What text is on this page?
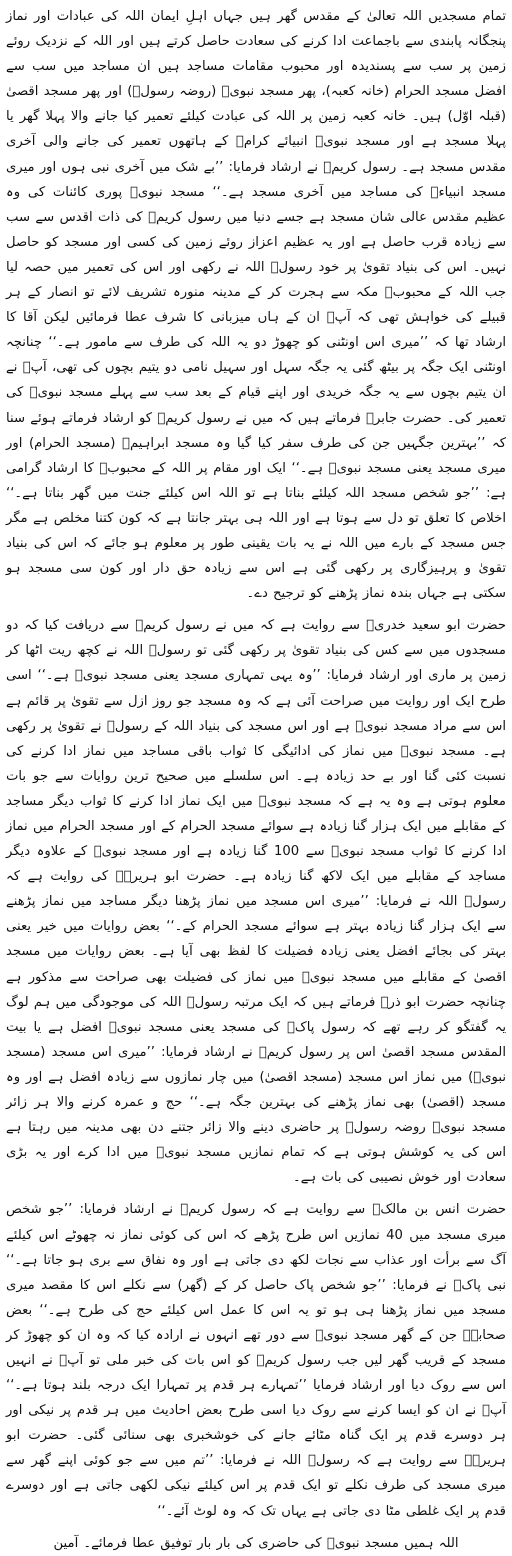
تمام مسجدیں اللہ تعالیٰ کے مقدس گھر ہیں جہاں اہلِ ایمان اللہ کی عبادات اور نماز پنجگانہ پابندی سے باجماعت ادا کرنے کی سعادت حاصل کرتے ہیں اور اللہ کے نزدیک روئے زمین پر سب سے پسندیدہ اور محبوب مقامات مساجد ہیں ان مساجد میں سب سے افضل مسجد الحرام (خانہ کعبہ)، پھر مسجد نبویؐ (روضہ رسولؐ) اور پھر مسجد اقصیٰ (قبلہ اوّل) ہیں۔ خانہ کعبہ زمین پر اللہ کی عبادت کیلئے تعمیر کیا جانے والا پہلا گھر یا پہلا مسجد ہے اور مسجد نبویؐ انبیائے کرامؑ کے ہاتھوں تعمیر کی جانے والی آخری مقدس مسجد ہے۔ رسول کریمؐ نے ارشاد فرمایا: ’’بے شک میں آخری نبی ہوں اور میری مسجد انبیاءؑ کی مساجد میں آخری مسجد ہے۔‘‘ مسجد نبویؐ پوری کائنات کی وہ عظیم مقدس عالی شان مسجد ہے جسے دنیا میں رسول کریمؐ کی ذات اقدس سے سب سے زیادہ قرب حاصل ہے اور یہ عظیم اعزاز روئے زمین کی کسی اور مسجد کو حاصل نہیں۔ اس کی بنیاد تقویٰ پر خود رسولؐ اللہ نے رکھی اور اس کی تعمیر میں حصہ لیا جب اللہ کے محبوبؐ مکہ سے ہجرت کر کے مدینہ منورہ تشریف لائے تو انصار کے ہر قبیلے کی خواہش تھی کہ آپؐ ان کے ہاں میزبانی کا شرف عطا فرمائیں لیکن آقا کا ارشاد تھا کہ ’’میری اس اونٹنی کو چھوڑ دو یہ اللہ کی طرف سے مامور ہے۔‘‘ چنانچہ اونٹنی ایک جگہ پر بیٹھ گئی یہ جگہ سہل اور سہیل نامی دو یتیم بچوں کی تھی، آپؐ نے ان یتیم بچوں سے یہ جگہ خریدی اور اپنے قیام کے بعد سب سے پہلے مسجد نبویؐ کی تعمیر کی۔ حضرت جابرؓ فرماتے ہیں کہ میں نے رسول کریمؐ کو ارشاد فرماتے ہوئے سنا کہ ’’بہترین جگہیں جن کی طرف سفر کیا گیا وہ مسجد ابراہیمؑ (مسجد الحرام) اور میری مسجد یعنی مسجد نبویؐ ہے۔‘‘ ایک اور مقام پر اللہ کے محبوبؐ کا ارشاد گرامی ہے: ’’جو شخص مسجد اللہ کیلئے بناتا ہے تو اللہ اس کیلئے جنت میں گھر بناتا ہے۔‘‘ اخلاص کا تعلق تو دل سے ہوتا ہے اور اللہ ہی بہتر جانتا ہے کہ کون کتنا مخلص ہے مگر جس مسجد کے بارے میں اللہ نے یہ بات یقینی طور پر معلوم ہو جائے کہ اس کی بنیاد تقویٰ و پرہیزگاری پر رکھی گئی ہے اس سے زیادہ حق دار اور کون سی مسجد ہو سکتی ہے جہاں بندہ نماز پڑھنے کو ترجیح دے۔

حضرت ابو سعید خدریؓ سے روایت ہے کہ میں نے رسول کریمؐ سے دریافت کیا کہ دو مسجدوں میں سے کس کی بنیاد تقویٰ پر رکھی گئی تو رسولؐ اللہ نے کچھ ریت اٹھا کر زمین پر ماری اور ارشاد فرمایا: ’’وہ یہی تمہاری مسجد یعنی مسجد نبویؐ ہے۔‘‘ اسی طرح ایک اور روایت میں صراحت آئی ہے کہ وہ مسجد جو روز ازل سے تقویٰ پر قائم ہے اس سے مراد مسجد نبویؐ ہے اور اس مسجد کی بنیاد اللہ کے رسولؐ نے تقویٰ پر رکھی ہے۔ مسجد نبویؐ میں نماز کی ادائیگی کا ثواب باقی مساجد میں نماز ادا کرنے کی نسبت کئی گنا اور بے حد زیادہ ہے۔ اس سلسلے میں صحیح ترین روایات سے جو بات معلوم ہوتی ہے وہ یہ ہے کہ مسجد نبویؐ میں ایک نماز ادا کرنے کا ثواب دیگر مساجد کے مقابلے میں ایک ہزار گنا زیادہ ہے سوائے مسجد الحرام کے اور مسجد الحرام میں نماز ادا کرنے کا ثواب مسجد نبویؐ سے 100 گنا زیادہ ہے اور مسجد نبویؐ کے علاوہ دیگر مساجد کے مقابلے میں ایک لاکھ گنا زیادہ ہے۔ حضرت ابو ہریرہؓ کی روایت ہے کہ رسولؐ اللہ نے فرمایا: ’’میری اس مسجد میں نماز پڑھنا دیگر مساجد میں نماز پڑھنے سے ایک ہزار گنا زیادہ بہتر ہے سوائے مسجد الحرام کے۔‘‘ بعض روایات میں خیر یعنی بہتر کی بجائے افضل یعنی زیادہ فضیلت کا لفظ بھی آیا ہے۔ بعض روایات میں مسجد اقصیٰ کے مقابلے میں مسجد نبویؐ میں نماز کی فضیلت بھی صراحت سے مذکور ہے چنانچہ حضرت ابو ذرؓ فرماتے ہیں کہ ایک مرتبہ رسولؐ اللہ کی موجودگی میں ہم لوگ یہ گفتگو کر رہے تھے کہ رسول پاکؐ کی مسجد یعنی مسجد نبویؐ افضل ہے یا بیت المقدس مسجد اقصیٰ اس پر رسول کریمؐ نے ارشاد فرمایا: ’’میری اس مسجد (مسجد نبویؐ) میں نماز اس مسجد (مسجد اقصیٰ) میں چار نمازوں سے زیادہ افضل ہے اور وہ مسجد (اقصیٰ) بھی نماز پڑھنے کی بہترین جگہ ہے۔‘‘ حج و عمرہ کرنے والا ہر زائر مسجد نبویؐ روضہ رسولؐ پر حاضری دینے والا زائر جتنے دن بھی مدینہ میں رہتا ہے اس کی یہ کوشش ہوتی ہے کہ تمام نمازیں مسجد نبویؐ میں ادا کرے اور یہ بڑی سعادت اور خوش نصیبی کی بات ہے۔

حضرت انس بن مالکؓ سے روایت ہے کہ رسول کریمؐ نے ارشاد فرمایا: ’’جو شخص میری مسجد میں 40 نمازیں اس طرح پڑھے کہ اس کی کوئی نماز نہ چھوٹے اس کیلئے آگ سے برأت اور عذاب سے نجات لکھ دی جاتی ہے اور وہ نفاق سے بری ہو جاتا ہے۔‘‘ نبی پاکؐ نے فرمایا: ’’جو شخص پاک حاصل کر کے (گھر) سے نکلے اس کا مقصد میری مسجد میں نماز پڑھنا ہی ہو تو یہ اس کا عمل اس کیلئے حج کی طرح ہے۔‘‘ بعض صحابہؓ جن کے گھر مسجد نبویؐ سے دور تھے انہوں نے ارادہ کیا کہ وہ ان کو چھوڑ کر مسجد کے قریب گھر لیں جب رسول کریمؐ کو اس بات کی خبر ملی تو آپؐ نے انہیں اس سے روک دیا اور ارشاد فرمایا ’’تمہارے ہر قدم پر تمہارا ایک درجہ بلند ہوتا ہے۔‘‘ آپؐ نے ان کو ایسا کرنے سے روک دیا اسی طرح بعض احادیث میں ہر قدم پر نیکی اور ہر دوسرے قدم پر ایک گناہ مٹائے جانے کی خوشخبری بھی سنائی گئی۔ حضرت ابو ہریرہؓ سے روایت ہے کہ رسولؐ اللہ نے فرمایا: ’’تم میں سے جو کوئی اپنے گھر سے میری مسجد کی طرف نکلے تو ایک قدم پر اس کیلئے نیکی لکھی جاتی ہے اور دوسرے قدم پر ایک غلطی مٹا دی جاتی ہے یہاں تک کہ وہ لوٹ آئے۔‘‘

اللہ ہمیں مسجد نبویؐ کی حاضری کی بار بار توفیق عطا فرمائے۔ آمین
